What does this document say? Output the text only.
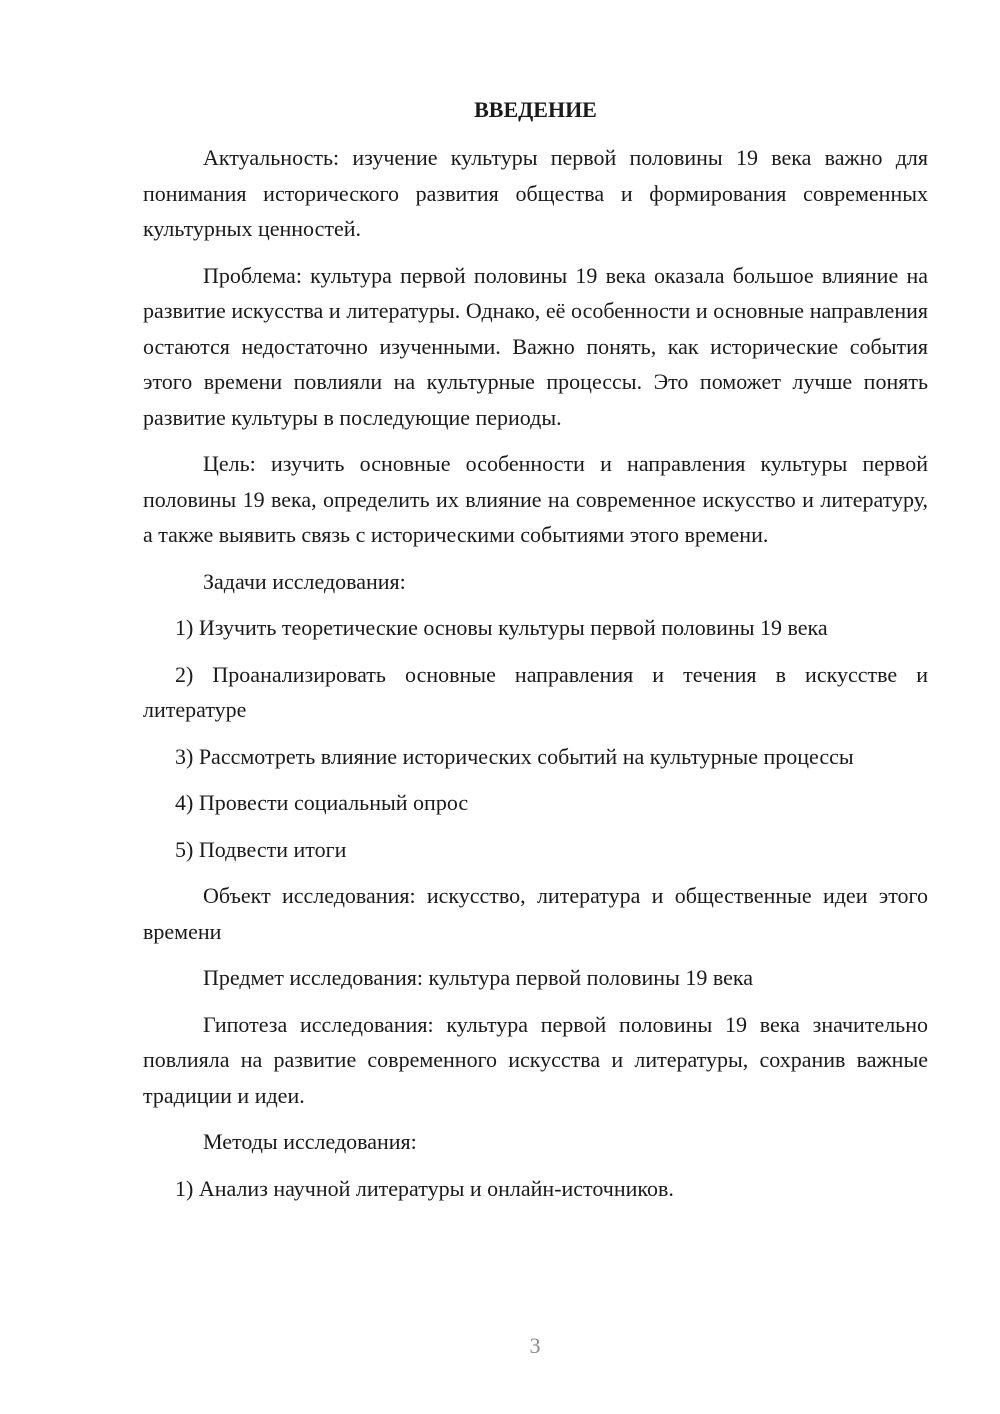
ВВЕДЕНИЕ

Актуальность: изучение культуры первой половины 19 века важно для понимания исторического развития общества и формирования современных культурных ценностей.

Проблема: культура первой половины 19 века оказала большое влияние на развитие искусства и литературы. Однако, её особенности и основные направления остаются недостаточно изученными. Важно понять, как исторические события этого времени повлияли на культурные процессы. Это поможет лучше понять развитие культуры в последующие периоды.

Цель: изучить основные особенности и направления культуры первой половины 19 века, определить их влияние на современное искусство и литературу, а также выявить связь с историческими событиями этого времени.

Задачи исследования:

1) Изучить теоретические основы культуры первой половины 19 века

2) Проанализировать основные направления и течения в искусстве и литературе

3) Рассмотреть влияние исторических событий на культурные процессы

4) Провести социальный опрос

5) Подвести итоги

Объект исследования: искусство, литература и общественные идеи этого времени

Предмет исследования: культура первой половины 19 века

Гипотеза исследования: культура первой половины 19 века значительно повлияла на развитие современного искусства и литературы, сохранив важные традиции и идеи.

Методы исследования:

1) Анализ научной литературы и онлайн-источников.

3
